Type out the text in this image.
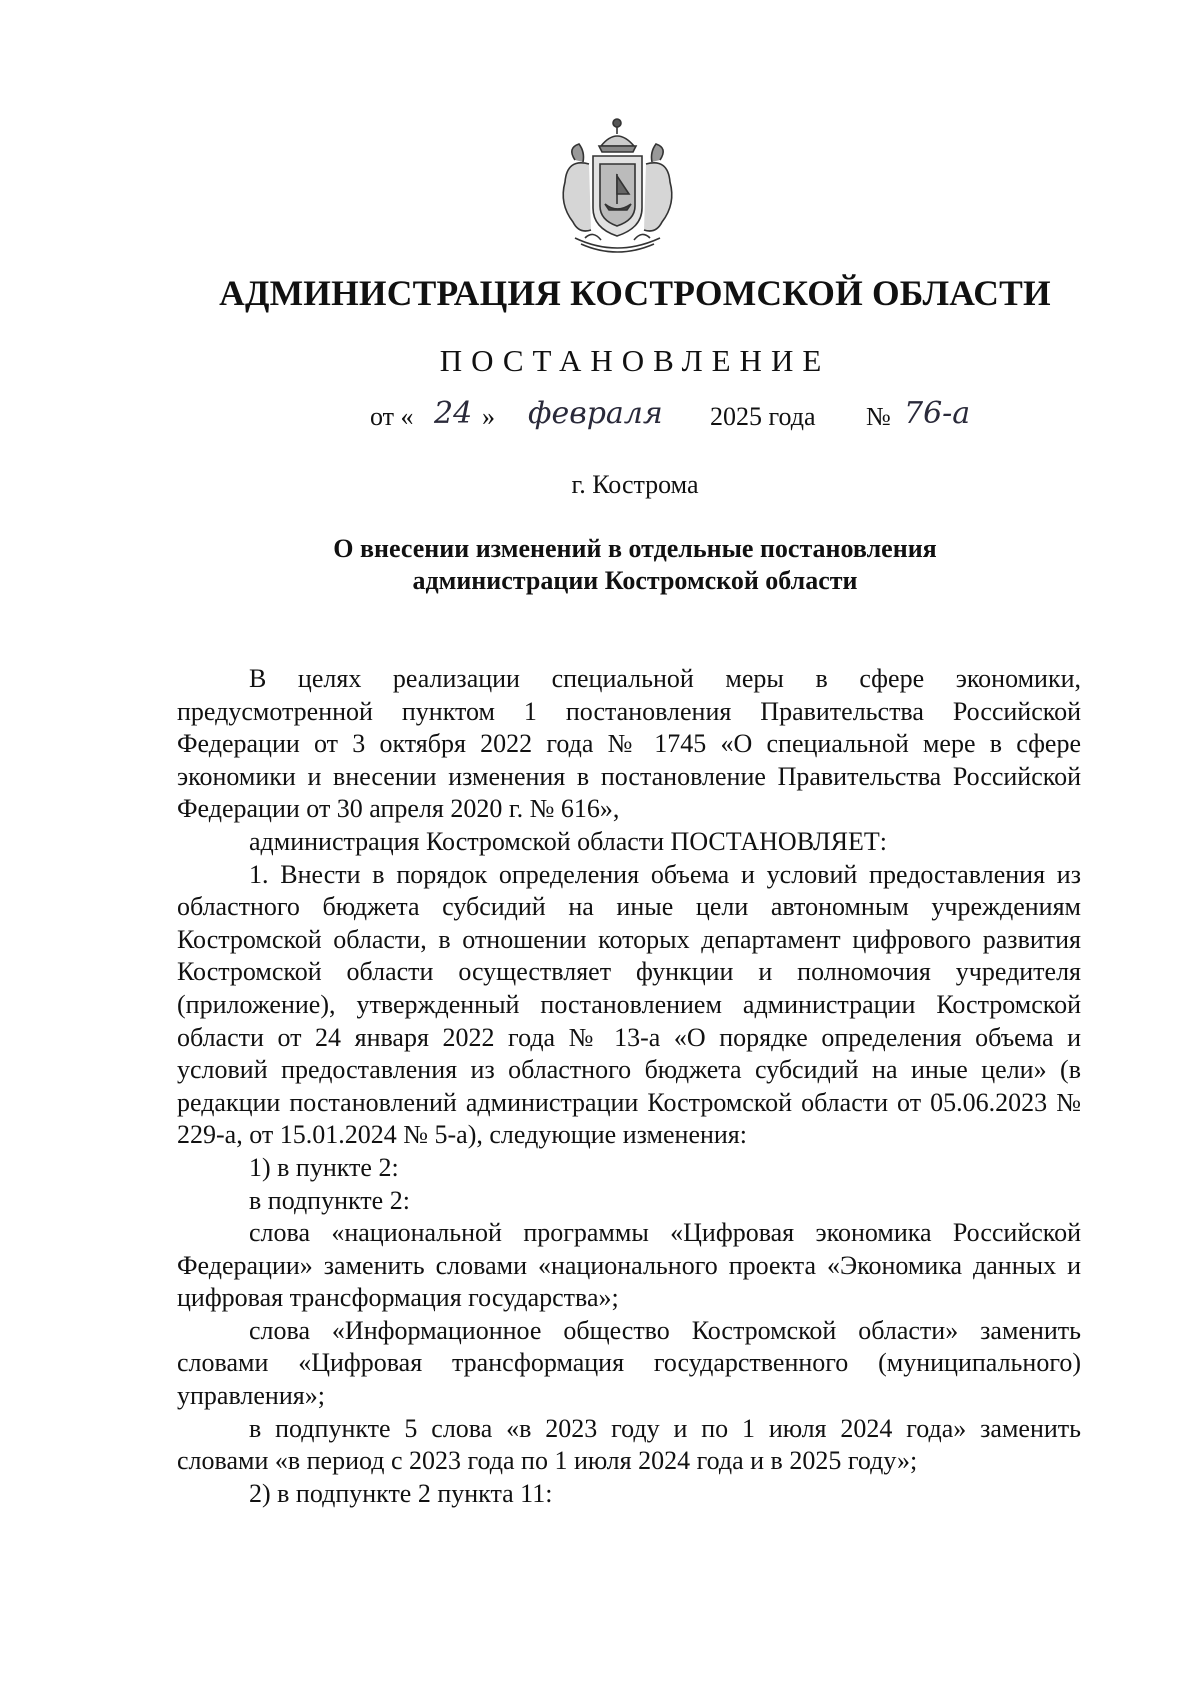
АДМИНИСТРАЦИЯ КОСТРОМСКОЙ ОБЛАСТИ
ПОСТАНОВЛЕНИЕ
от « 24 » февраля 2025 года № 76-а
г. Кострома
О внесении изменений в отдельные постановления
администрации Костромской области

В целях реализации специальной меры в сфере экономики, предусмотренной пунктом 1 постановления Правительства Российской Федерации от 3 октября 2022 года № 1745 «О специальной мере в сфере экономики и внесении изменения в постановление Правительства Российской Федерации от 30 апреля 2020 г. № 616»,

администрация Костромской области ПОСТАНОВЛЯЕТ:

1. Внести в порядок определения объема и условий предоставления из областного бюджета субсидий на иные цели автономным учреждениям Костромской области, в отношении которых департамент цифрового развития Костромской области осуществляет функции и полномочия учредителя (приложение), утвержденный постановлением администрации Костромской области от 24 января 2022 года № 13-а «О порядке определения объема и условий предоставления из областного бюджета субсидий на иные цели» (в редакции постановлений администрации Костромской области от 05.06.2023 № 229-а, от 15.01.2024 № 5-а), следующие изменения:

1) в пункте 2:

в подпункте 2:

слова «национальной программы «Цифровая экономика Российской Федерации» заменить словами «национального проекта «Экономика данных и цифровая трансформация государства»;

слова «Информационное общество Костромской области» заменить словами «Цифровая трансформация государственного (муниципального) управления»;

в подпункте 5 слова «в 2023 году и по 1 июля 2024 года» заменить словами «в период с 2023 года по 1 июля 2024 года и в 2025 году»;

2) в подпункте 2 пункта 11:
